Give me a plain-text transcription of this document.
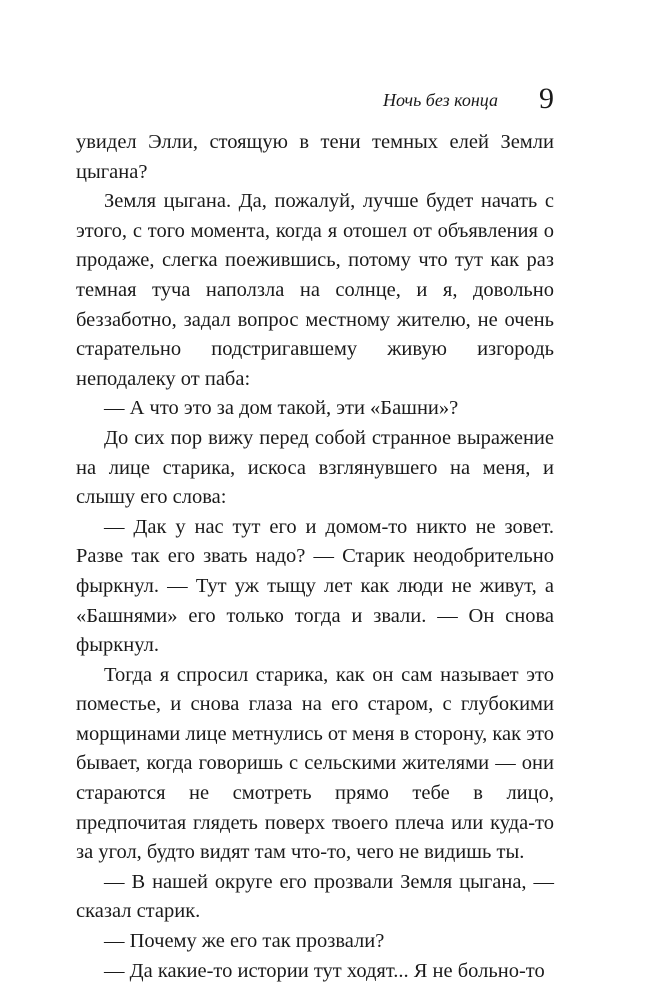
Ночь без конца 9

увидел Элли, стоящую в тени темных елей Земли цыгана?

Земля цыгана. Да, пожалуй, лучше будет начать с этого, с того момента, когда я отошел от объявления о продаже, слегка поежившись, потому что тут как раз темная туча наползла на солнце, и я, довольно беззаботно, задал вопрос местному жителю, не очень старательно подстригавшему живую изгородь неподалеку от паба:

— А что это за дом такой, эти «Башни»?

До сих пор вижу перед собой странное выражение на лице старика, искоса взглянувшего на меня, и слышу его слова:

— Дак у нас тут его и домом-то никто не зовет. Разве так его звать надо? — Старик неодобрительно фыркнул. — Тут уж тыщу лет как люди не живут, а «Башнями» его только тогда и звали. — Он снова фыркнул.

Тогда я спросил старика, как он сам называет это поместье, и снова глаза на его старом, с глубокими морщинами лице метнулись от меня в сторону, как это бывает, когда говоришь с сельскими жителями — они стараются не смотреть прямо тебе в лицо, предпочитая глядеть поверх твоего плеча или куда-то за угол, будто видят там что-то, чего не видишь ты.

— В нашей округе его прозвали Земля цыгана, — сказал старик.

— Почему же его так прозвали?

— Да какие-то истории тут ходят... Я не больно-то
